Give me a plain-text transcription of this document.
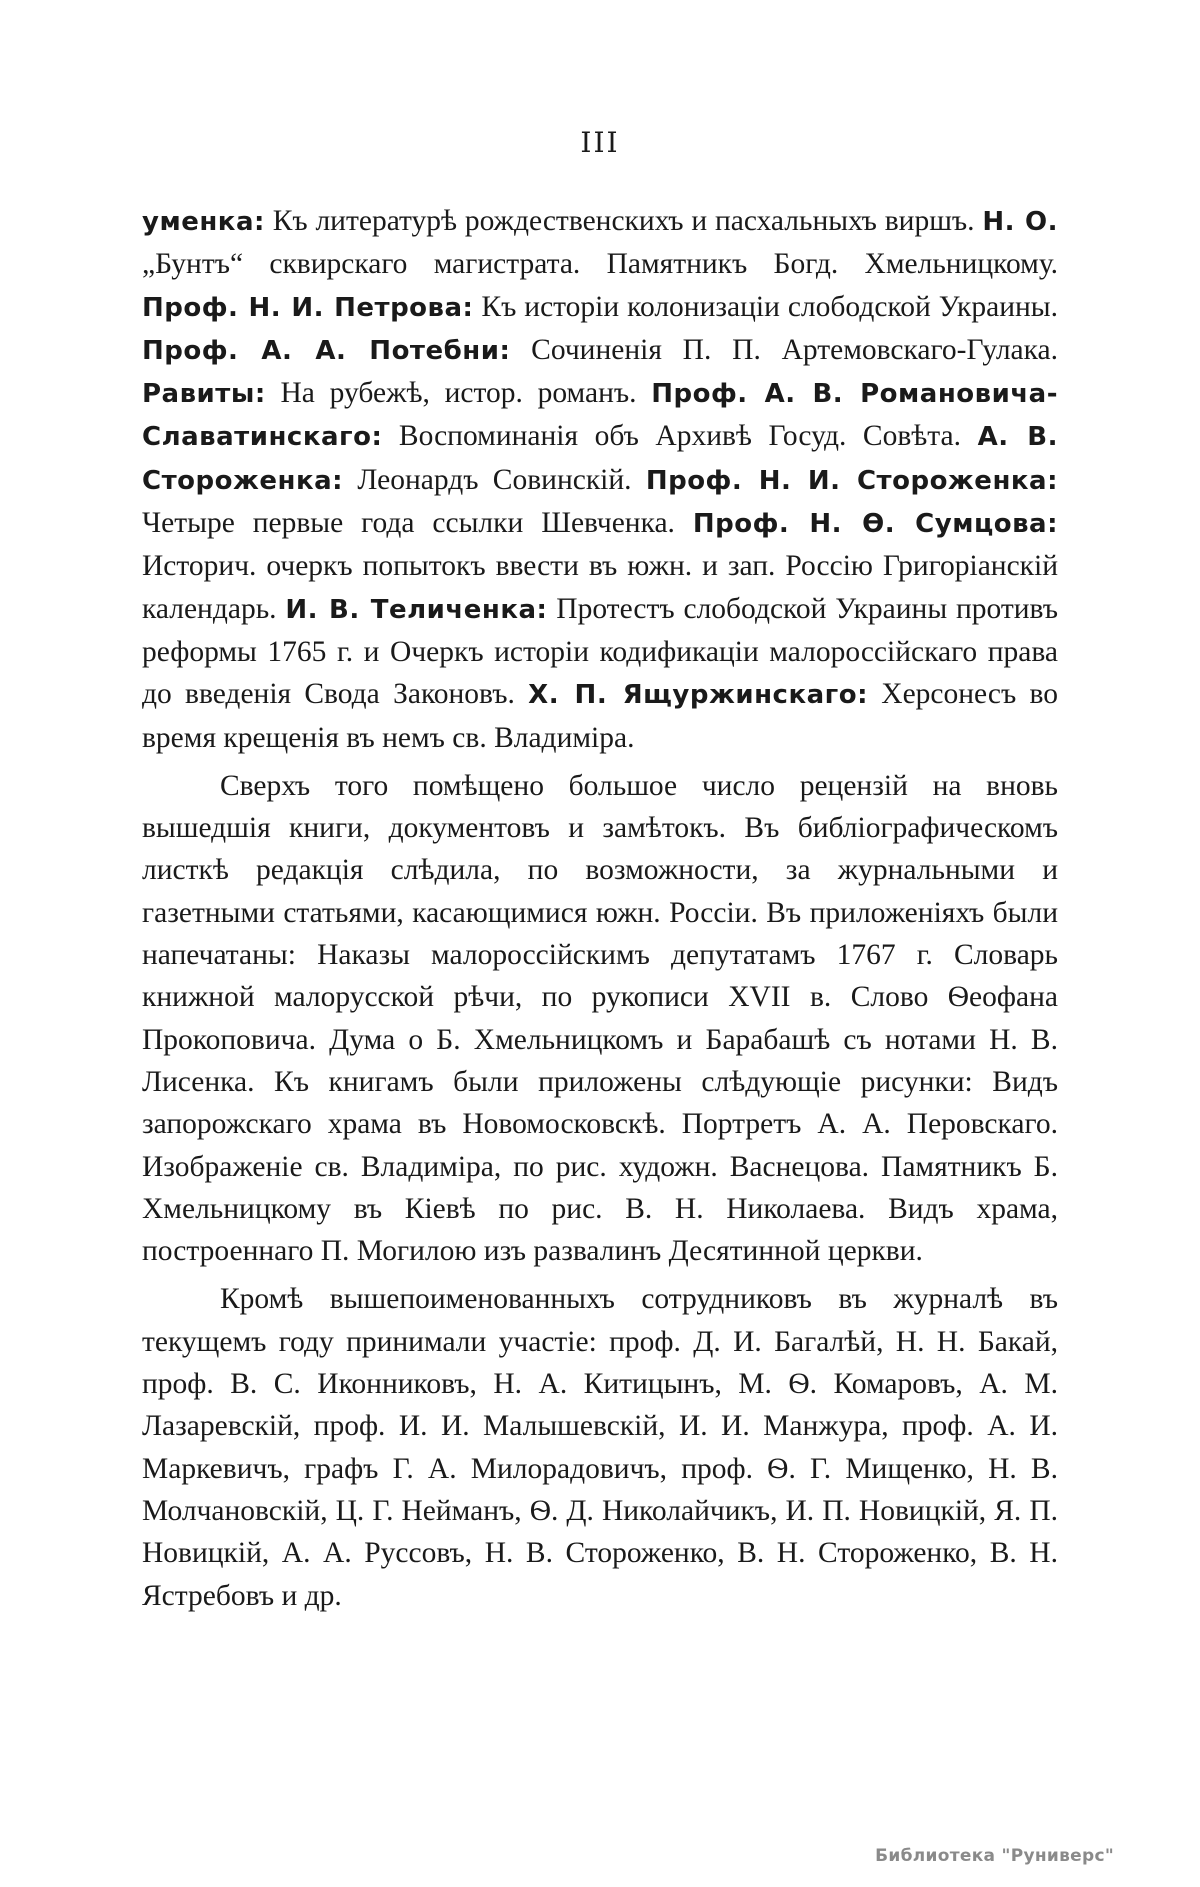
III

уменка: Къ литературѣ рождественскихъ и пасхальныхъ виршъ. Н. О. „Бунтъ“ сквирскаго магистрата. Памятникъ Богд. Хмельницкому. Проф. Н. И. Петрова: Къ исторіи колонизаціи слободской Украины. Проф. А. А. Потебни: Сочиненія П. П. Артемовскаго-Гулака. Равиты: На рубежѣ, истор. романъ. Проф. А. В. Романовича-Славатинскаго: Воспоминанія объ Архивѣ Госуд. Совѣта. А. В. Стороженка: Леонардъ Совинскій. Проф. Н. И. Стороженка: Четыре первые года ссылки Шевченка. Проф. Н. Ѳ. Сумцова: Историч. очеркъ попытокъ ввести въ южн. и зап. Россію Григоріанскій календарь. И. В. Теличенка: Протестъ слободской Украины противъ реформы 1765 г. и Очеркъ исторіи кодификаціи малороссійскаго права до введенія Свода Законовъ. Х. П. Ящуржинскаго: Херсонесъ во время крещенія въ немъ св. Владиміра.

Сверхъ того помѣщено большое число рецензій на вновь вышедшія книги, документовъ и замѣтокъ. Въ библіографическомъ листкѣ редакція слѣдила, по возможности, за журнальными и газетными статьями, касающимися южн. Россіи. Въ приложеніяхъ были напечатаны: Наказы малороссійскимъ депутатамъ 1767 г. Словарь книжной малорусской рѣчи, по рукописи XVII в. Слово Ѳеофана Прокоповича. Дума о Б. Хмельницкомъ и Барабашѣ съ нотами Н. В. Лисенка. Къ книгамъ были приложены слѣдующіе рисунки: Видъ запорожскаго храма въ Новомосковскѣ. Портретъ А. А. Перовскаго. Изображеніе св. Владиміра, по рис. художн. Васнецова. Памятникъ Б. Хмельницкому въ Кіевѣ по рис. В. Н. Николаева. Видъ храма, построеннаго П. Могилою изъ развалинъ Десятинной церкви.

Кромѣ вышепоименованныхъ сотрудниковъ въ журналѣ въ текущемъ году принимали участіе: проф. Д. И. Багалѣй, Н. Н. Бакай, проф. В. С. Иконниковъ, Н. А. Китицынъ, М. Ѳ. Комаровъ, А. М. Лазаревскій, проф. И. И. Малышевскій, И. И. Манжура, проф. А. И. Маркевичъ, графъ Г. А. Милорадовичъ, проф. Ѳ. Г. Мищенко, Н. В. Молчановскій, Ц. Г. Нейманъ, Ѳ. Д. Николайчикъ, И. П. Новицкій, Я. П. Новицкій, А. А. Руссовъ, Н. В. Стороженко, В. Н. Стороженко, В. Н. Ястребовъ и др.

Библиотека "Руниверс"
